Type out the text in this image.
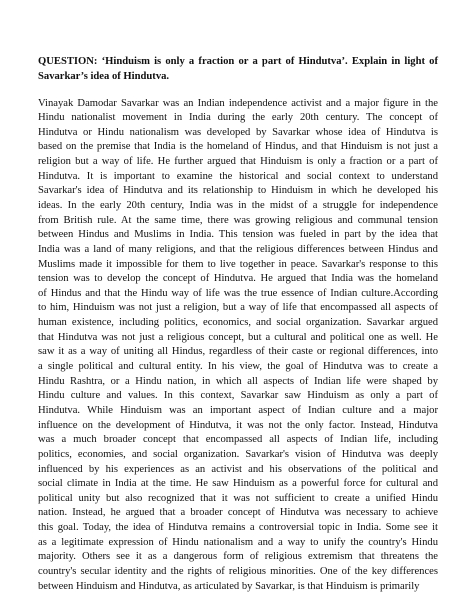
QUESTION: ‘Hinduism is only a fraction or a part of Hindutva’. Explain in light of
Savarkar’s idea of Hindutva.
Vinayak Damodar Savarkar was an Indian independence activist and a major figure in the
Hindu nationalist movement in India during the early 20th century. The concept of
Hindutva or Hindu nationalism was developed by Savarkar whose idea of Hindutva is
based on the premise that India is the homeland of Hindus, and that Hinduism is not just a
religion but a way of life. He further argued that Hinduism is only a fraction or a part of
Hindutva. It is important to examine the historical and social context to understand
Savarkar's idea of Hindutva and its relationship to Hinduism in which he developed his
ideas. In the early 20th century, India was in the midst of a struggle for independence
from British rule. At the same time, there was growing religious and communal tension
between Hindus and Muslims in India. This tension was fueled in part by the idea that
India was a land of many religions, and that the religious differences between Hindus and
Muslims made it impossible for them to live together in peace. Savarkar's response to this
tension was to develop the concept of Hindutva. He argued that India was the homeland
of Hindus and that the Hindu way of life was the true essence of Indian culture.According
to him, Hinduism was not just a religion, but a way of life that encompassed all aspects of
human existence, including politics, economics, and social organization. Savarkar argued
that Hindutva was not just a religious concept, but a cultural and political one as well. He
saw it as a way of uniting all Hindus, regardless of their caste or regional differences, into
a single political and cultural entity. In his view, the goal of Hindutva was to create a
Hindu Rashtra, or a Hindu nation, in which all aspects of Indian life were shaped by
Hindu culture and values. In this context, Savarkar saw Hinduism as only a part of
Hindutva. While Hinduism was an important aspect of Indian culture and a major
influence on the development of Hindutva, it was not the only factor. Instead, Hindutva
was a much broader concept that encompassed all aspects of Indian life, including
politics, economies, and social organization. Savarkar's vision of Hindutva was deeply
influenced by his experiences as an activist and his observations of the political and
social climate in India at the time. He saw Hinduism as a powerful force for cultural and
political unity but also recognized that it was not sufficient to create a unified Hindu
nation. Instead, he argued that a broader concept of Hindutva was necessary to achieve
this goal. Today, the idea of Hindutva remains a controversial topic in India. Some see it
as a legitimate expression of Hindu nationalism and a way to unify the country's Hindu
majority. Others see it as a dangerous form of religious extremism that threatens the
country's secular identity and the rights of religious minorities. One of the key differences
between Hinduism and Hindutva, as articulated by Savarkar, is that Hinduism is primarily
